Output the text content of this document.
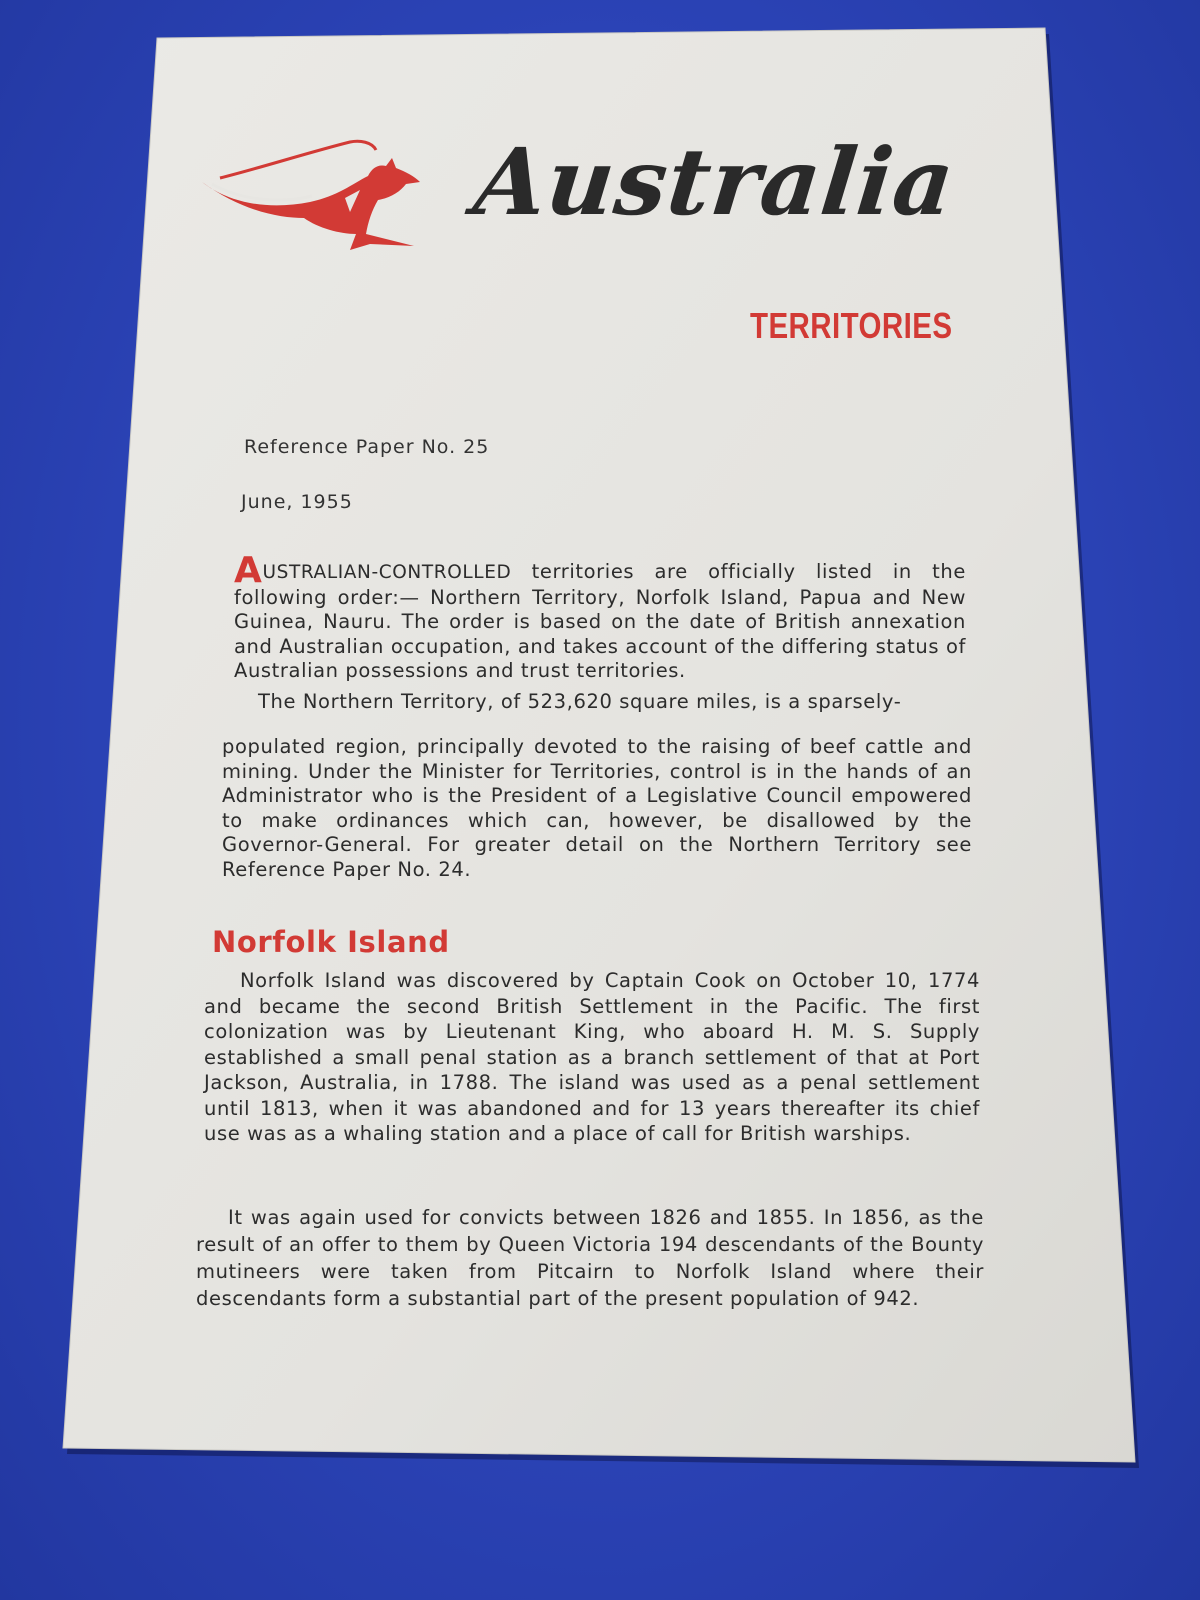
Australia
TERRITORIES
Reference Paper No. 25
June, 1955

AUSTRALIAN-CONTROLLED territories are officially listed in the following order:— Northern Territory, Norfolk Island, Papua and New Guinea, Nauru. The order is based on the date of British annexation and Australian occupation, and takes account of the differing status of Australian possessions and trust territories.

The Northern Territory, of 523,620 square miles, is a sparsely-

populated region, principally devoted to the raising of beef cattle and mining. Under the Minister for Territories, control is in the hands of an Administrator who is the President of a Legislative Council empowered to make ordinances which can, however, be disallowed by the Governor-General. For greater detail on the Northern Territory see Reference Paper No. 24.

Norfolk Island

Norfolk Island was discovered by Captain Cook on October 10, 1774 and became the second British Settlement in the Pacific. The first colonization was by Lieutenant King, who aboard H. M. S. Supply established a small penal station as a branch settlement of that at Port Jackson, Australia, in 1788. The island was used as a penal settlement until 1813, when it was abandoned and for 13 years thereafter its chief use was as a whaling station and a place of call for British warships.

It was again used for convicts between 1826 and 1855. In 1856, as the result of an offer to them by Queen Victoria 194 descendants of the Bounty mutineers were taken from Pitcairn to Norfolk Island where their descendants form a substantial part of the present population of 942.
